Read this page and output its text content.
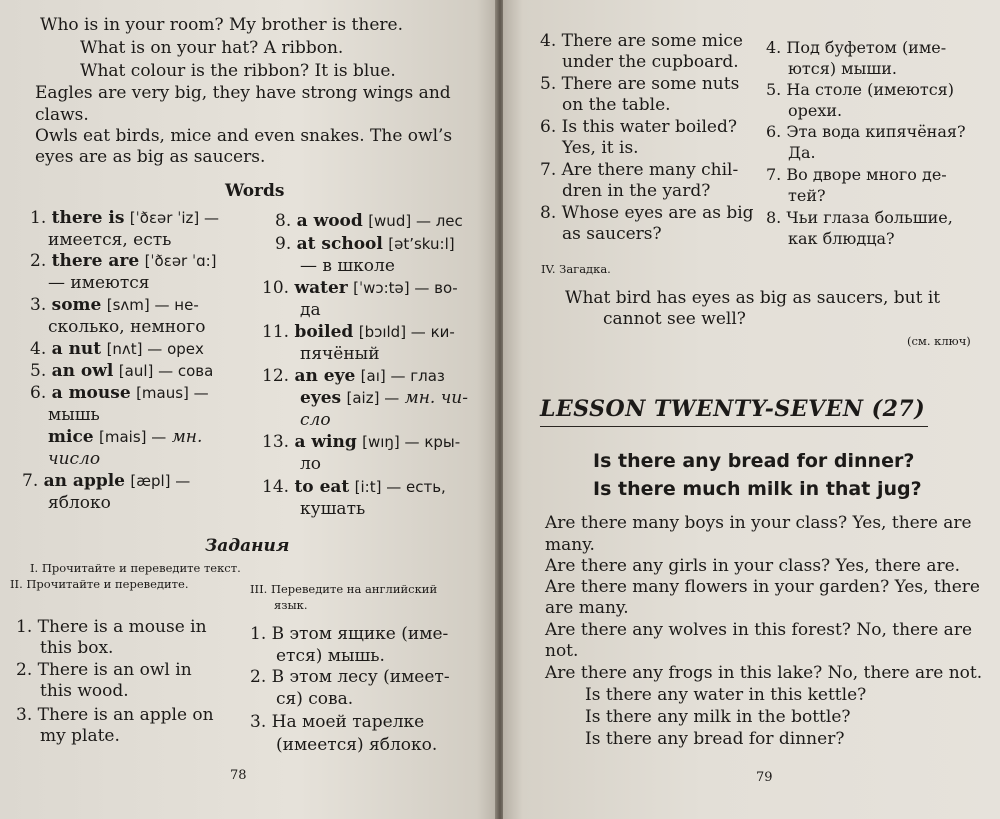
Who is in your room? My brother is there.
What is on your hat? A ribbon.
What colour is the ribbon? It is blue.
Eagles are very big, they have strong wings and
claws.
Owls eat birds, mice and even snakes. The owl’s
eyes are as big as saucers.
Words
1. there is [ˈðɛər ˈiz] —
имеется, есть
2. there are [ˈðɛər ˈɑ:]
— имеются
3. some [sʌm] — не-
сколько, немного
4. a nut [nʌt] — орех
5. an owl [aul] — сова
6. a mouse [maus] —
мышь
mice [mais] — мн.
число
7. an apple [æpl] —
яблоко
8. a wood [wud] — лес
9. at school [ət’sku:l]
— в школе
10. water [ˈwɔ:tə] — во-
да
11. boiled [bɔıld] — ки-
пячёный
12. an eye [aı] — глаз
eyes [aiz] — мн. чи-
сло
13. a wing [wıŋ] — кры-
ло
14. to eat [i:t] — есть,
кушать
Задания
I. Прочитайте и переведите текст.
II. Прочитайте и переведите.	III. Переведите на английский
язык.
1. There is a mouse in
this box.
2. There is an owl in
this wood.
3. There is an apple on
my plate.
1. В этом ящике (име-
ется) мышь.
2. В этом лесу (имеет-
ся) сова.
3. На моей тарелке
(имеется) яблоко.
78
4. There are some mice
under the cupboard.
5. There are some nuts
on the table.
6. Is this water boiled?
Yes, it is.
7. Are there many chil-
dren in the yard?
8. Whose eyes are as big
as saucers?
4. Под буфетом (име-
ются) мыши.
5. На столе (имеются)
орехи.
6. Эта вода кипячёная?
Да.
7. Во дворе много де-
тей?
8. Чьи глаза большие,
как блюдца?
IV. Загадка.
What bird has eyes as big as saucers, but it
cannot see well?
(см. ключ)
LESSON TWENTY-SEVEN (27)
Is there any bread for dinner?
Is there much milk in that jug?
Are there many boys in your class? Yes, there are
many.
Are there any girls in your class? Yes, there are.
Are there many flowers in your garden? Yes, there
are many.
Are there any wolves in this forest? No, there are
not.
Are there any frogs in this lake? No, there are not.
Is there any water in this kettle?
Is there any milk in the bottle?
Is there any bread for dinner?
79
